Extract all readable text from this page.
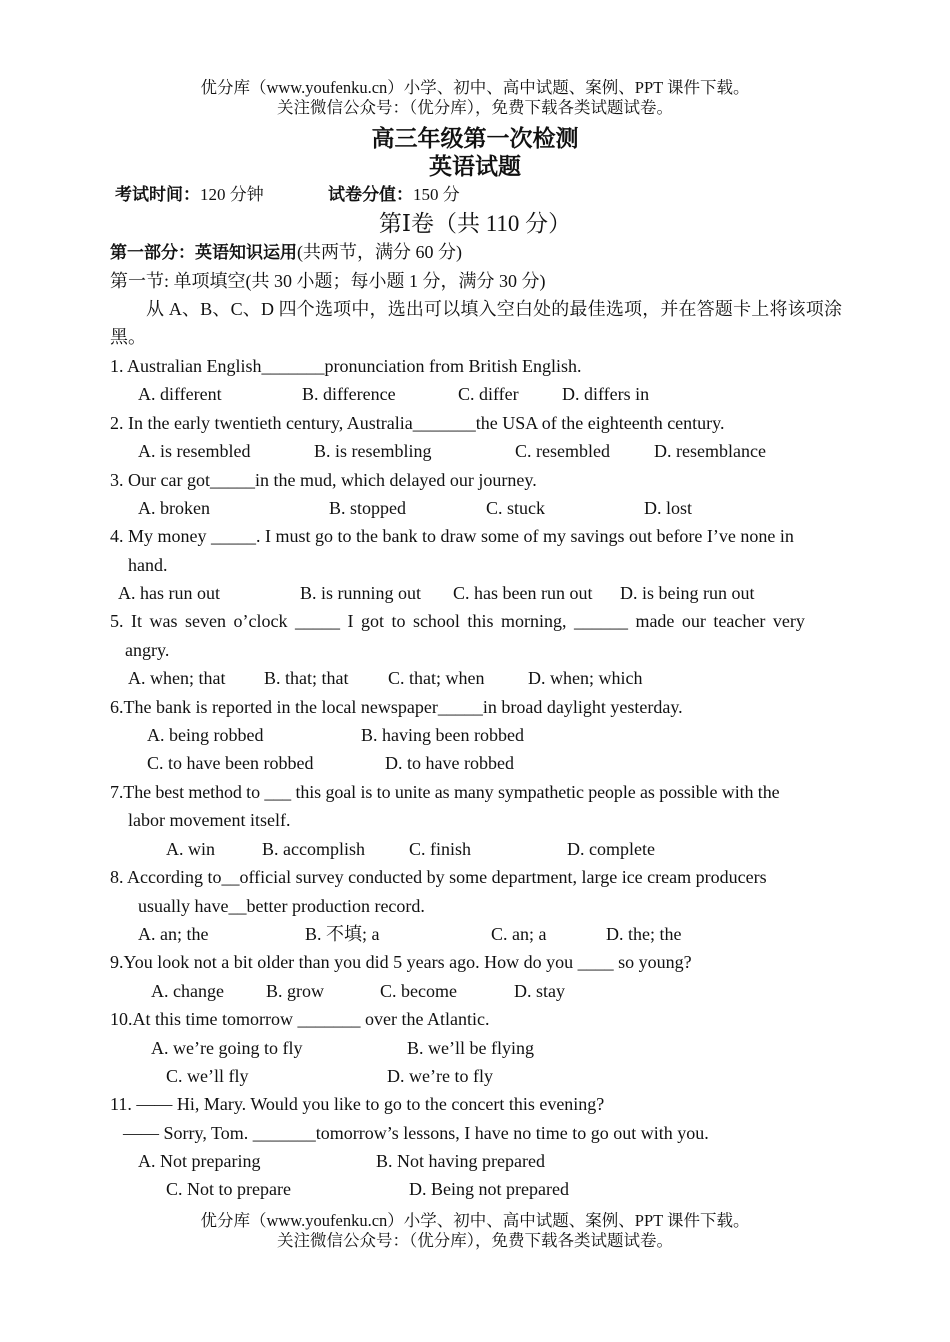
优分库（www.youfenku.cn）小学、初中、高中试题、案例、PPT 课件下载。
关注微信公众号：（优分库），免费下载各类试题试卷。
高三年级第一次检测
英语试题
考试时间：120 分钟	试卷分值：150 分
第Ⅰ卷（共 110 分）
第一部分：英语知识运用(共两节，满分 60 分)
第一节: 单项填空(共 30 小题；每小题 1 分，满分 30 分)
从 A、B、C、D 四个选项中，选出可以填入空白处的最佳选项，并在答题卡上将该项涂黑。
1. Australian English_______pronunciation from British English.
A. different	B. difference	C. differ D. differs in
2. In the early twentieth century, Australia_______the USA of the eighteenth century.
A. is resembled	B. is resembling	C. resembled D. resemblance
3. Our car got_____in the mud, which delayed our journey.
A. broken	B. stopped	C. stuck	D. lost
4. My money _____. I must go to the bank to draw some of my savings out before I’ve none in
hand.
A. has run out	B. is running out C. has been run out D. is being run out
5. It was seven o’clock _____ I got to school this morning, ______ made our teacher very
angry.
A. when; that B. that; that C. that; when D. when; which
6.The bank is reported in the local newspaper_____in broad daylight yesterday.
A. being robbed	B. having been robbed
C. to have been robbed	D. to have robbed
7.The best method to ___ this goal is to unite as many sympathetic people as possible with the
labor movement itself.
A. win	B. accomplish C. finish	D. complete
8. According to__official survey conducted by some department, large ice cream producers
usually have__better production record.
A. an; the	B. 不填; a	C. an; a	D. the; the
9.You look not a bit older than you did 5 years ago. How do you ____ so young?
A. change B. grow	C. become	D. stay
10.At this time tomorrow _______ over the Atlantic.
A. we’re going to fly	B. we’ll be flying
C. we’ll fly	D. we’re to fly
11. —— Hi, Mary. Would you like to go to the concert this evening?
—— Sorry, Tom. _______tomorrow’s lessons, I have no time to go out with you.
A. Not preparing	B. Not having prepared
C. Not to prepare	D. Being not prepared
优分库（www.youfenku.cn）小学、初中、高中试题、案例、PPT 课件下载。
关注微信公众号：（优分库），免费下载各类试题试卷。
